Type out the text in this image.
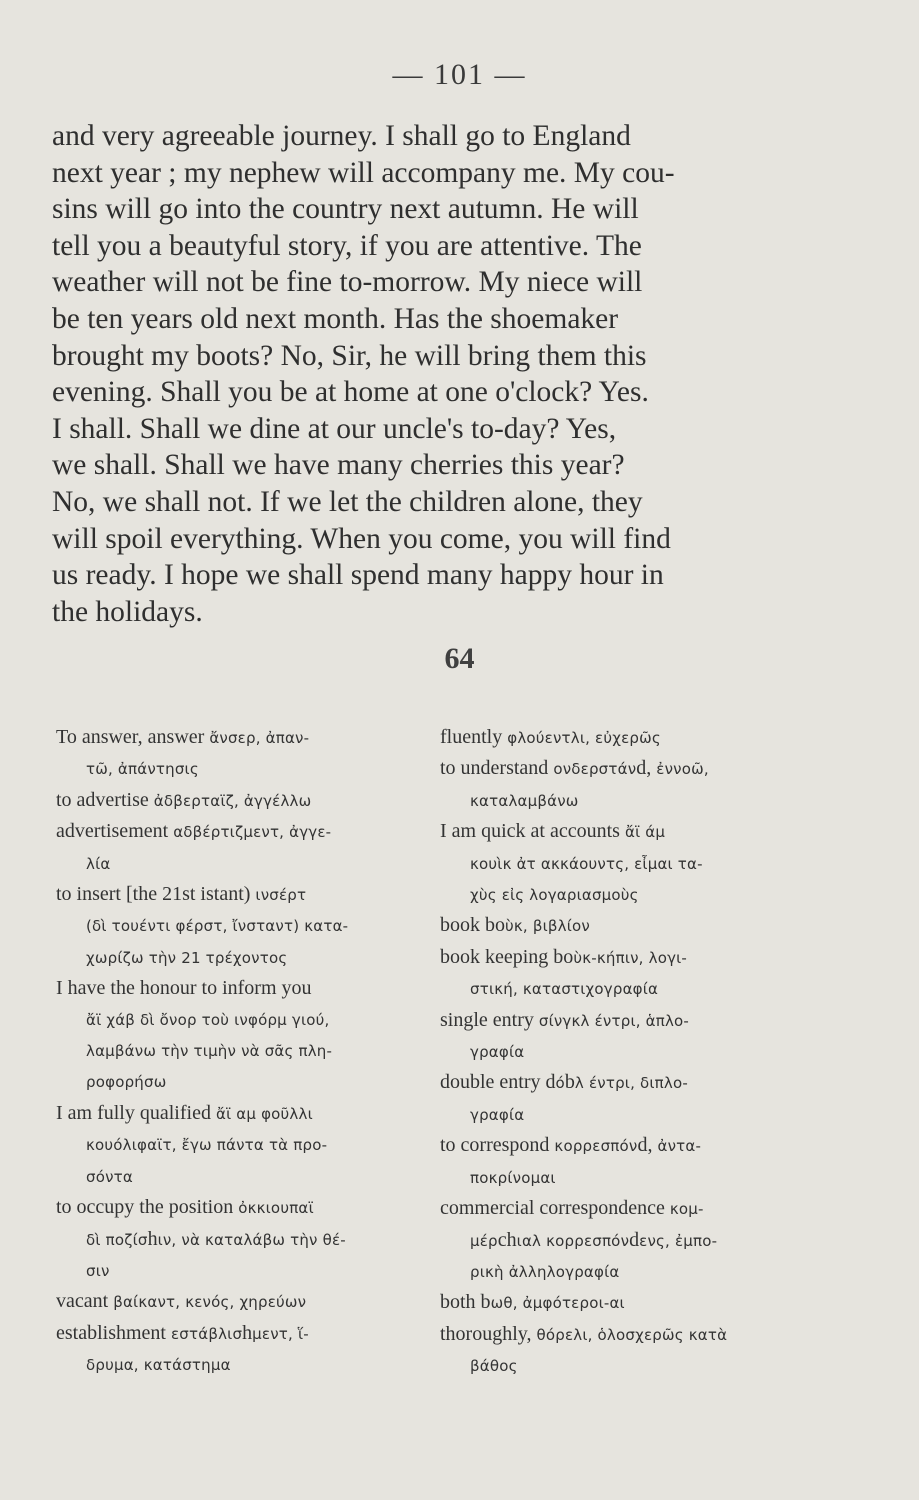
— 101 —
and very agreeable journey. I shall go to England
next year ; my nephew will accompany me. My cou-
sins will go into the country next autumn. He will
tell you a beautyful story, if you are attentive. The
weather will not be fine to-morrow. My niece will
be ten years old next month. Has the shoemaker
brought my boots? No, Sir, he will bring them this
evening. Shall you be at home at one o'clock? Yes.
I shall. Shall we dine at our uncle's to-day? Yes,
we shall. Shall we have many cherries this year?
No, we shall not. If we let the children alone, they
will spoil everything. When you come, you will find
us ready. I hope we shall spend many happy hour in
the holidays.
64
To answer, answer ἄνσερ, ἀπαν-
τῶ, ἀπάντησις
to advertise ἀδβερταϊζ, ἀγγέλλω
advertisement αδβέρτιζμεντ, ἀγγε-
λία
to insert [the 21st istant) ινσέρτ
(δὶ τουέντι φέρστ, ἴνσταντ) κατα-
χωρίζω τὴν 21 τρέχοντος
I have the honour to inform you
ἄϊ χάβ δὶ ὄνορ τοὺ ινφόρμ γιού,
λαμβάνω τὴν τιμὴν νὰ σᾶς πλη-
ροφορήσω
I am fully qualified ἄϊ αμ φοῦλλι
κουόλιφαϊτ, ἔγω πάντα τὰ προ-
σόντα
to occupy the position ὀκκιουπαϊ
δὶ ποζίσhιν, νὰ καταλάβω τὴν θέ-
σιν
vacant βαίκαντ, κενός, χηρεύων
establishment εστάβλισhμεντ, ἵ-
δρυμα, κατάστημα
fluently φλούεντλι, εὐχερῶς
to understand ονδερστάνd, ἐννοῶ,
καταλαμβάνω
I am quick at accounts ἄϊ άμ
κουὶκ ἀτ ακκάουντς, εἶμαι τα-
χὺς εἰς λογαριασμοὺς
book boὺκ, βιβλίον
book keeping boὺκ-κήπιν, λογι-
στική, καταστιχογραφία
single entry σίνγκλ έντρι, ἁπλο-
γραφία
double entry dόbλ έντρι, διπλο-
γραφία
to correspond κορρεσπόνd, ἀντα-
ποκρίνομαι
commercial correspondence κομ-
μέρchιαλ κορρεσπόνdενς, ἐμπο-
ρικὴ ἀλληλογραφία
both bωθ, ἀμφότεροι-αι
thoroughly, θόρελι, ὁλοσχερῶς κατὰ
βάθος
